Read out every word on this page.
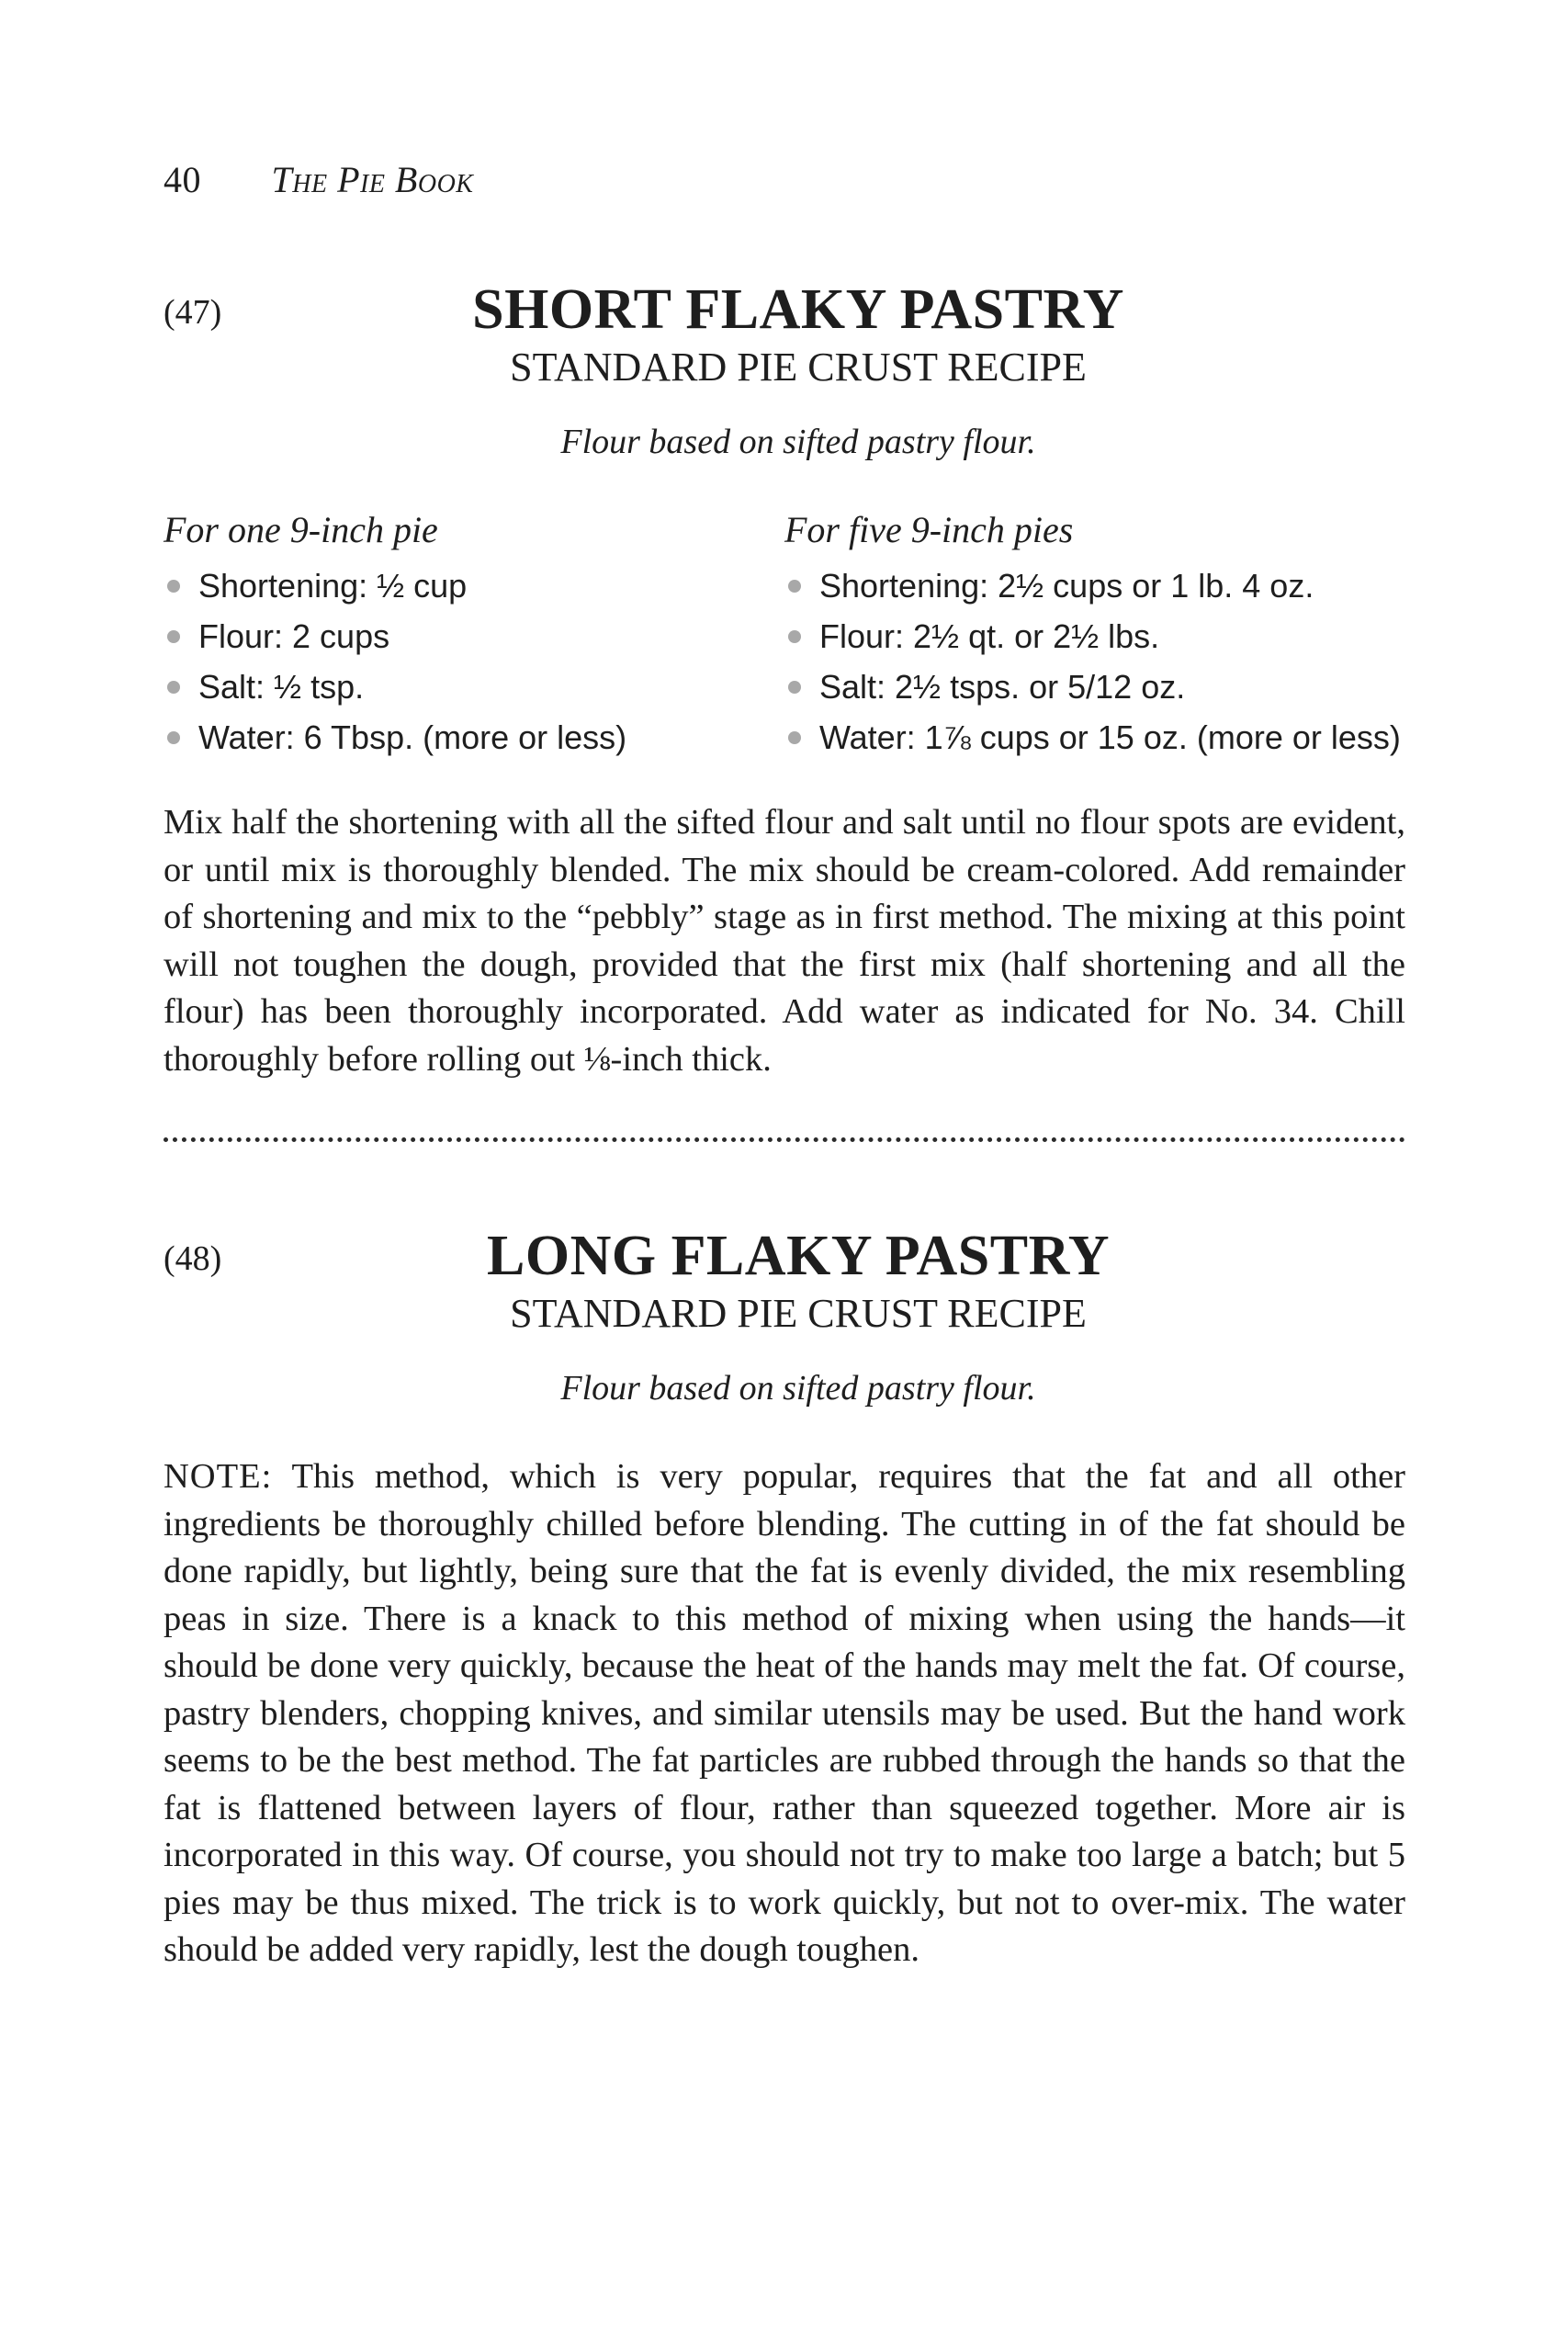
40 The Pie Book
(47)	SHORT FLAKY PASTRY
STANDARD PIE CRUST RECIPE
Flour based on sifted pastry flour.
For one 9-inch pie
Shortening: ½ cup
Flour: 2 cups
Salt: ½ tsp.
Water: 6 Tbsp. (more or less)
For five 9-inch pies
Shortening: 2½ cups or 1 lb. 4 oz.
Flour: 2½ qt. or 2½ lbs.
Salt: 2½ tsps. or 5/12 oz.
Water: 1⅞ cups or 15 oz. (more or less)

Mix half the shortening with all the sifted flour and salt until no flour spots are evident, or until mix is thoroughly blended. The mix should be cream-colored. Add remainder of shortening and mix to the “pebbly” stage as in first method. The mixing at this point will not toughen the dough, provided that the first mix (half shortening and all the flour) has been thoroughly incorporated. Add water as indicated for No. 34. Chill thoroughly before rolling out ⅛-inch thick.

(48)	LONG FLAKY PASTRY
STANDARD PIE CRUST RECIPE
Flour based on sifted pastry flour.

NOTE: This method, which is very popular, requires that the fat and all other ingredients be thoroughly chilled before blending. The cutting in of the fat should be done rapidly, but lightly, being sure that the fat is evenly divided, the mix resembling peas in size. There is a knack to this method of mixing when using the hands—it should be done very quickly, because the heat of the hands may melt the fat. Of course, pastry blenders, chopping knives, and similar utensils may be used. But the hand work seems to be the best method. The fat particles are rubbed through the hands so that the fat is flattened between layers of flour, rather than squeezed together. More air is incorporated in this way. Of course, you should not try to make too large a batch; but 5 pies may be thus mixed. The trick is to work quickly, but not to over-mix. The water should be added very rapidly, lest the dough toughen.
